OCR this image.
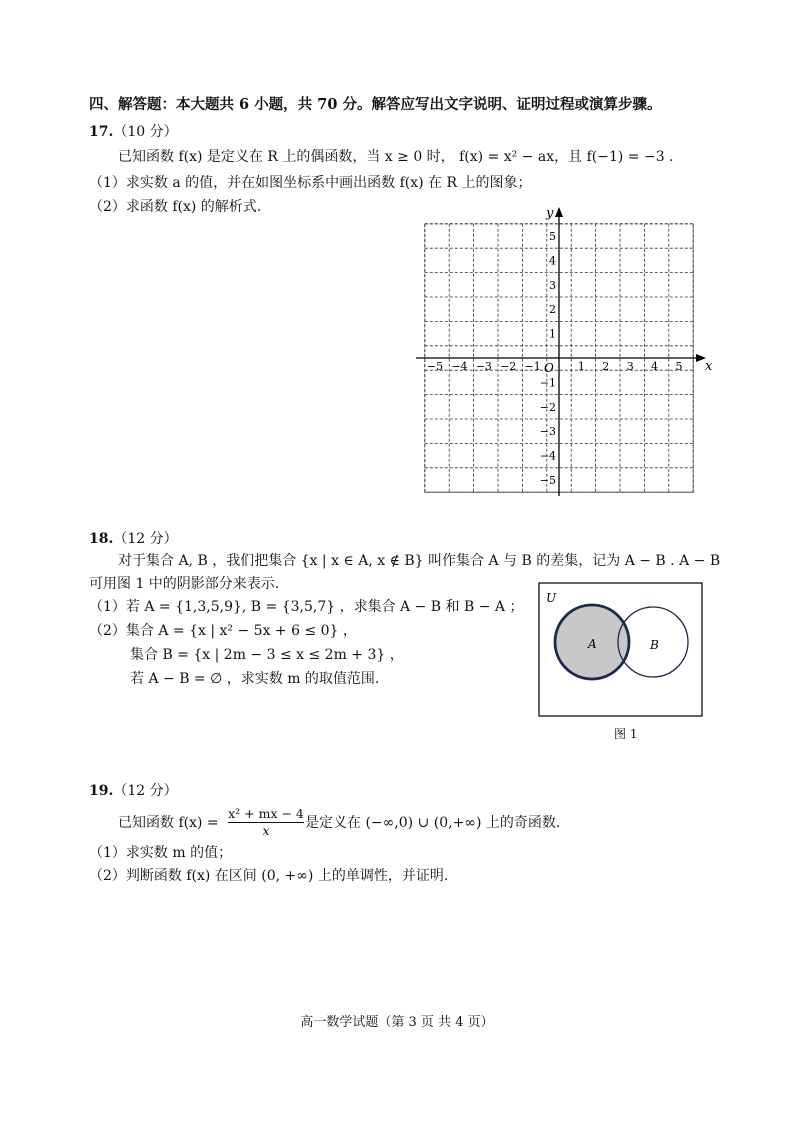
四、解答题：本大题共 6 小题，共 70 分。解答应写出文字说明、证明过程或演算步骤。
17.（10 分）
已知函数 f(x) 是定义在 R 上的偶函数，当 x ≥ 0 时， f(x) = x² − ax，且 f(−1) = −3 .
（1）求实数 a 的值，并在如图坐标系中画出函数 f(x) 在 R 上的图象；
（2）求函数 f(x) 的解析式.
−5 −4 −3 −2 −1	1 2 3 4 5
−5
−4
−3
−2
−1
1
2
3
4
5
x
y
O
18.（12 分）
对于集合 A, B ，我们把集合 {x | x ∈ A, x ∉ B} 叫作集合 A 与 B 的差集，记为 A − B . A − B
可用图 1 中的阴影部分来表示.
（1）若 A = {1,3,5,9}, B = {3,5,7} ，求集合 A − B 和 B − A ；
（2）集合 A = {x | x² − 5x + 6 ≤ 0} ，
集合 B = {x | 2m − 3 ≤ x ≤ 2m + 3} ，
若 A − B = ∅ ，求实数 m 的取值范围.
U
A	B
图 1
19.（12 分）
已知函数 $f(x) = \frac{\text{x² + mx − 4}}{x}$ 是定义在 (−∞,0) ∪ (0,+∞) 上的奇函数.
（1）求实数 m 的值；
（2）判断函数 f(x) 在区间 (0, +∞) 上的单调性，并证明.
高一数学试题（第 3 页 共 4 页）
